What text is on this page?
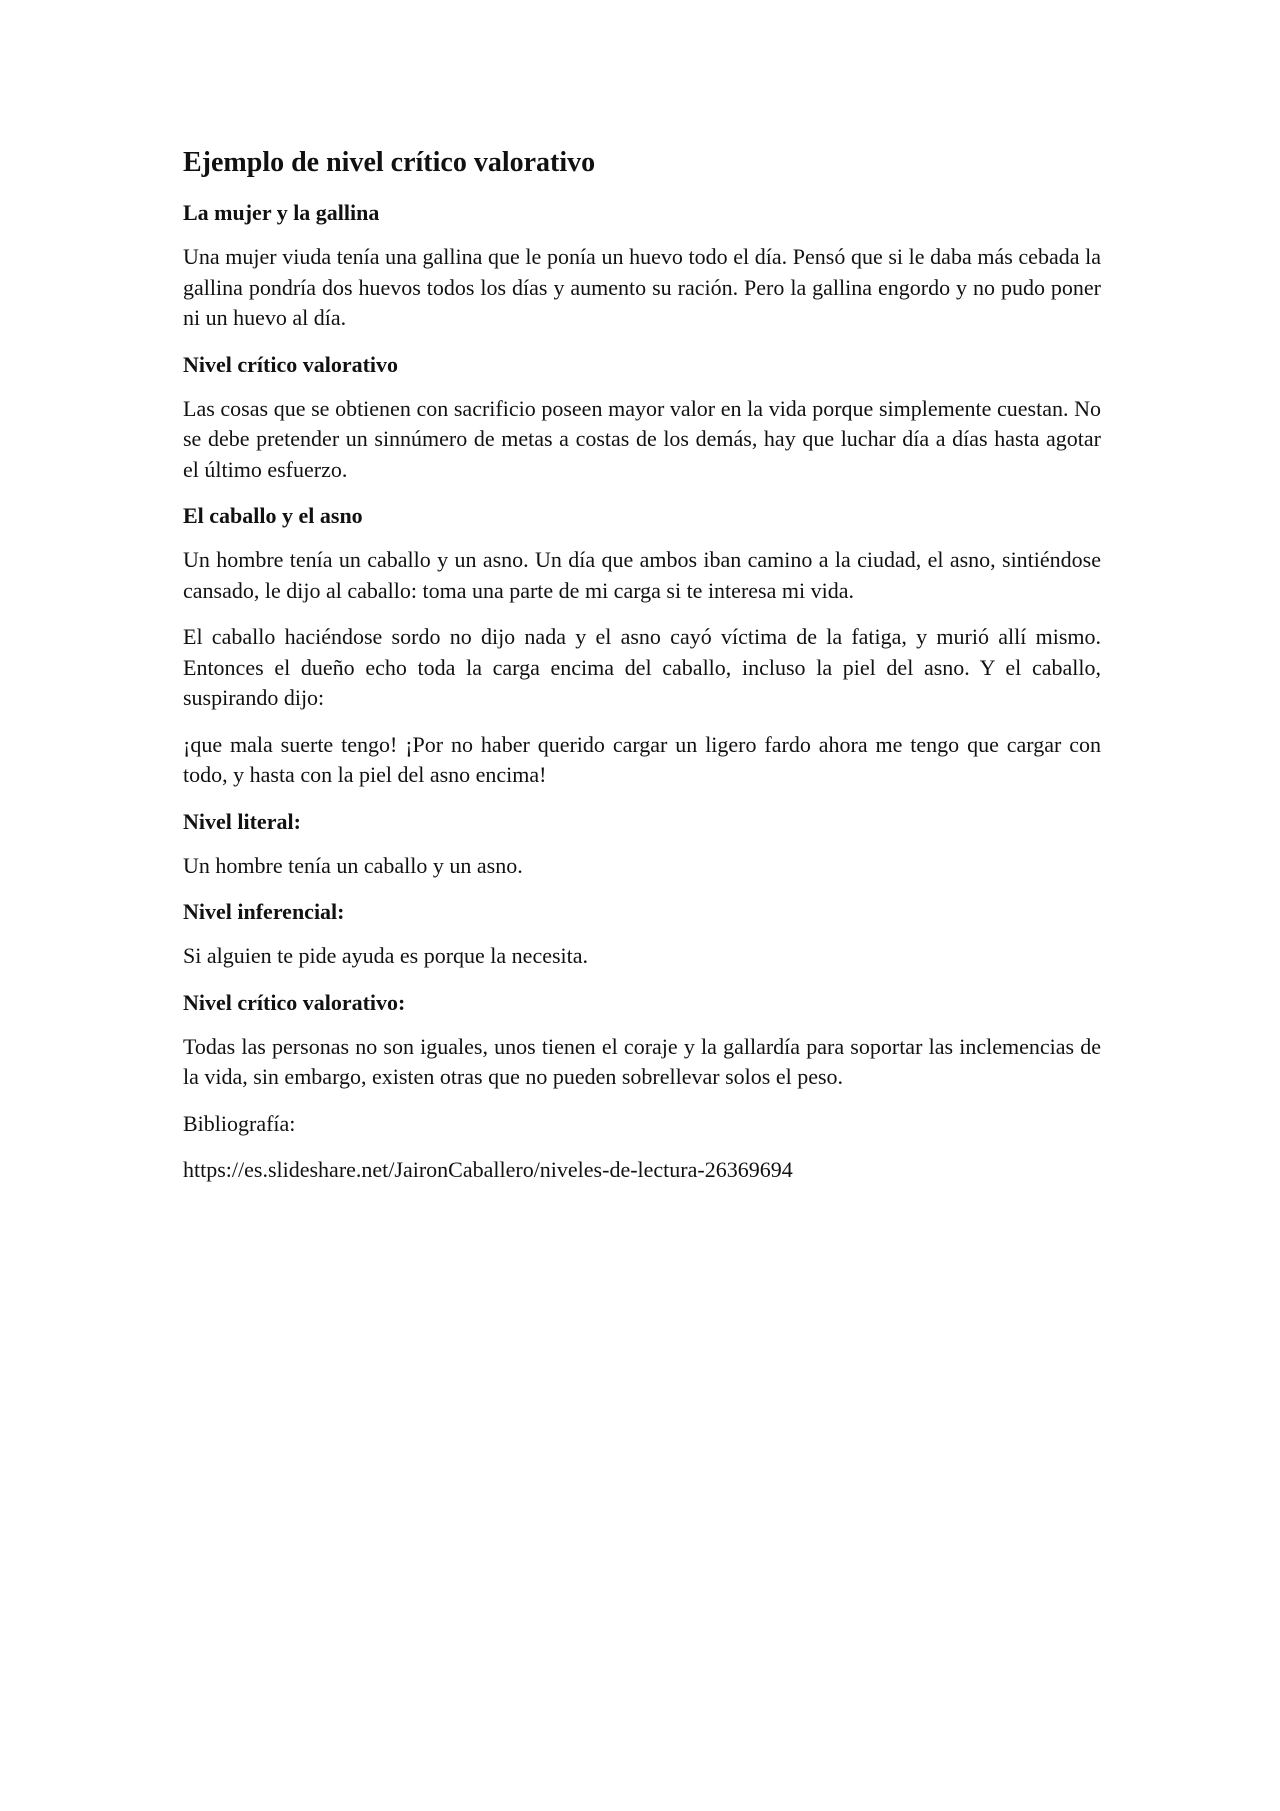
Ejemplo de nivel crítico valorativo
La mujer y la gallina

Una mujer viuda tenía una gallina que le ponía un huevo todo el día. Pensó que si le daba más cebada la gallina pondría dos huevos todos los días y aumento su ración. Pero la gallina engordo y no pudo poner ni un huevo al día.

Nivel crítico valorativo

Las cosas que se obtienen con sacrificio poseen mayor valor en la vida porque simplemente cuestan. No se debe pretender un sinnúmero de metas a costas de los demás, hay que luchar día a días hasta agotar el último esfuerzo.

El caballo y el asno

Un hombre tenía un caballo y un asno. Un día que ambos iban camino a la ciudad, el asno, sintiéndose cansado, le dijo al caballo: toma una parte de mi carga si te interesa mi vida.

El caballo haciéndose sordo no dijo nada y el asno cayó víctima de la fatiga, y murió allí mismo. Entonces el dueño echo toda la carga encima del caballo, incluso la piel del asno. Y el caballo, suspirando dijo:

¡que mala suerte tengo! ¡Por no haber querido cargar un ligero fardo ahora me tengo que cargar con todo, y hasta con la piel del asno encima!

Nivel literal:

Un hombre tenía un caballo y un asno.

Nivel inferencial:

Si alguien te pide ayuda es porque la necesita.

Nivel crítico valorativo:

Todas las personas no son iguales, unos tienen el coraje y la gallardía para soportar las inclemencias de la vida, sin embargo, existen otras que no pueden sobrellevar solos el peso.

Bibliografía:

https://es.slideshare.net/JaironCaballero/niveles-de-lectura-26369694
